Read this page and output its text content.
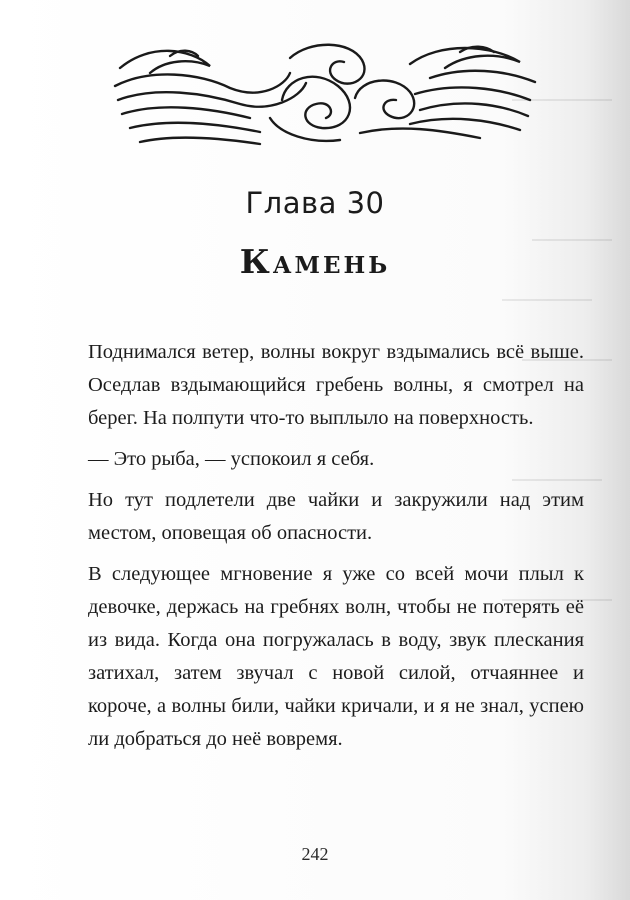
Глава 30
Камень

Поднимался ветер, волны вокруг вздымались всё выше. Оседлав вздымающийся гребень волны, я смотрел на берег. На полпути что-то выплыло на поверхность.

— Это рыба, — успокоил я себя.

Но тут подлетели две чайки и закружили над этим местом, оповещая об опасности.

В следующее мгновение я уже со всей мочи плыл к девочке, держась на гребнях волн, чтобы не потерять её из вида. Когда она погружалась в воду, звук плескания затихал, затем звучал с новой силой, отчаяннее и короче, а волны били, чайки кричали, и я не знал, успею ли добраться до неё вовремя.

242
